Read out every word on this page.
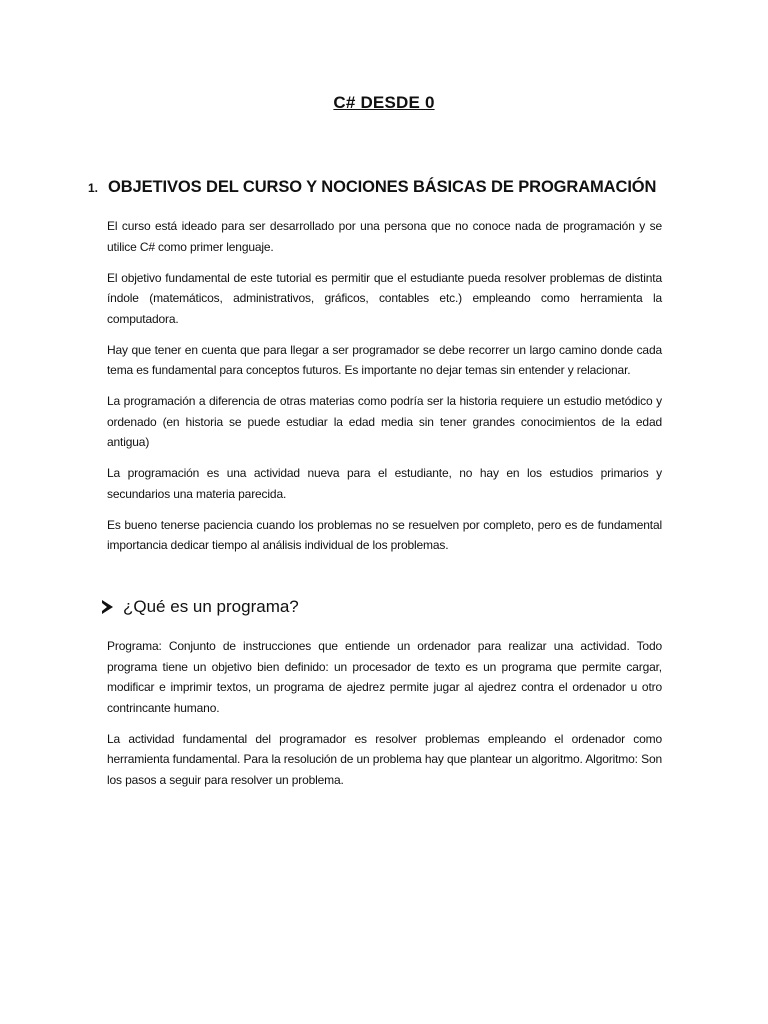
C# DESDE 0
1. OBJETIVOS DEL CURSO Y NOCIONES BÁSICAS DE PROGRAMACIÓN

El curso está ideado para ser desarrollado por una persona que no conoce nada de programación y se utilice C# como primer lenguaje.

El objetivo fundamental de este tutorial es permitir que el estudiante pueda resolver problemas de distinta índole (matemáticos, administrativos, gráficos, contables etc.) empleando como herramienta la computadora.

Hay que tener en cuenta que para llegar a ser programador se debe recorrer un largo camino donde cada tema es fundamental para conceptos futuros. Es importante no dejar temas sin entender y relacionar.

La programación a diferencia de otras materias como podría ser la historia requiere un estudio metódico y ordenado (en historia se puede estudiar la edad media sin tener grandes conocimientos de la edad antigua)

La programación es una actividad nueva para el estudiante, no hay en los estudios primarios y secundarios una materia parecida.

Es bueno tenerse paciencia cuando los problemas no se resuelven por completo, pero es de fundamental importancia dedicar tiempo al análisis individual de los problemas.

¿Qué es un programa?

Programa: Conjunto de instrucciones que entiende un ordenador para realizar una actividad. Todo programa tiene un objetivo bien definido: un procesador de texto es un programa que permite cargar, modificar e imprimir textos, un programa de ajedrez permite jugar al ajedrez contra el ordenador u otro contrincante humano.

La actividad fundamental del programador es resolver problemas empleando el ordenador como herramienta fundamental. Para la resolución de un problema hay que plantear un algoritmo. Algoritmo: Son los pasos a seguir para resolver un problema.
